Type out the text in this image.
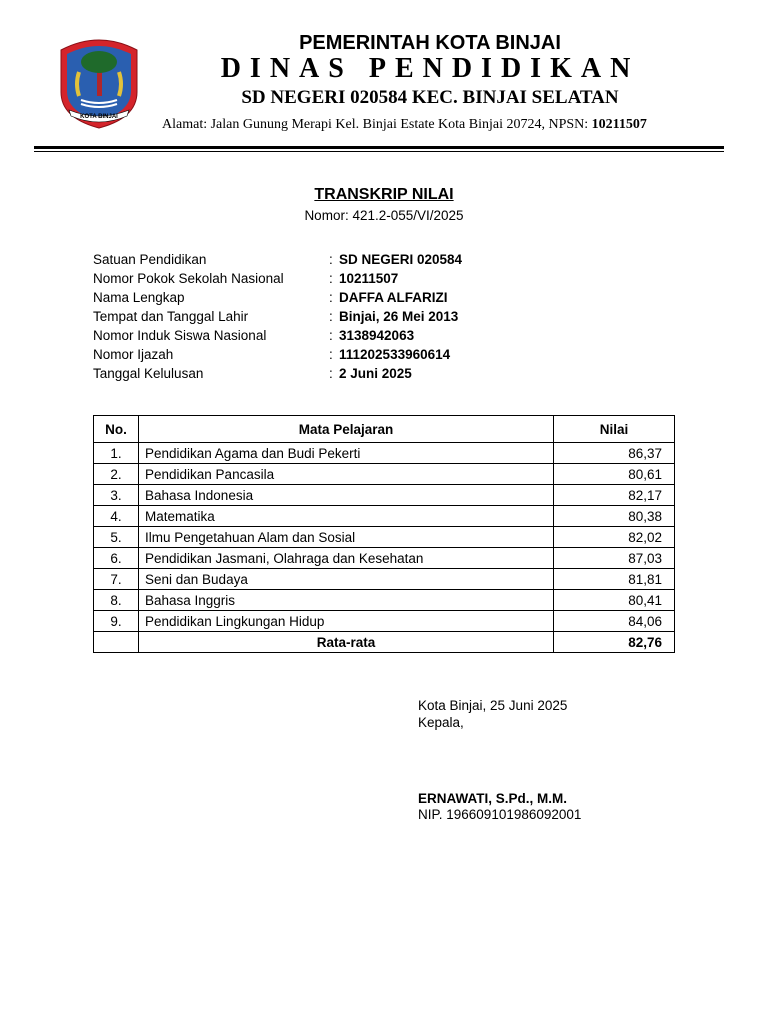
KOTA BINJAI
PEMERINTAH KOTA BINJAI
DINAS PENDIDIKAN
SD NEGERI 020584 KEC. BINJAI SELATAN
Alamat: Jalan Gunung Merapi Kel. Binjai Estate Kota Binjai 20724, NPSN: 10211507
TRANSKRIP NILAI
Nomor: 421.2-055/VI/2025
Satuan Pendidikan	: SD NEGERI 020584
Nomor Pokok Sekolah Nasional	: 10211507
Nama Lengkap	: DAFFA ALFARIZI
Tempat dan Tanggal Lahir	: Binjai, 26 Mei 2013
Nomor Induk Siswa Nasional	: 3138942063
Nomor Ijazah	: 111202533960614
Tanggal Kelulusan	: 2 Juni 2025
No.	Mata Pelajaran	Nilai
1.	Pendidikan Agama dan Budi Pekerti	86,37
2.	Pendidikan Pancasila	80,61
3.	Bahasa Indonesia	82,17
4.	Matematika	80,38
5.	Ilmu Pengetahuan Alam dan Sosial	82,02
6.	Pendidikan Jasmani, Olahraga dan Kesehatan	87,03
7.	Seni dan Budaya	81,81
8.	Bahasa Inggris	80,41
9.	Pendidikan Lingkungan Hidup	84,06
	Rata-rata	82,76
Kota Binjai, 25 Juni 2025
Kepala,
ERNAWATI, S.Pd., M.M.
NIP. 196609101986092001
